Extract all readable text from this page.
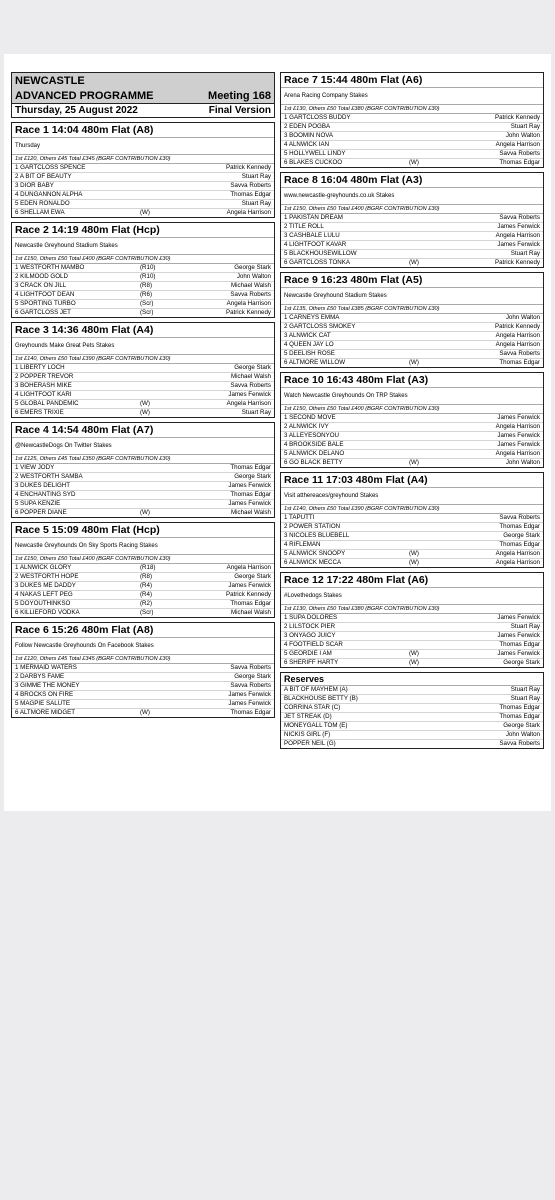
NEWCASTLE
ADVANCED PROGRAMME	Meeting 168
Thursday, 25 August 2022	Final Version
Race 1 14:04 480m Flat (A8)
Thursday
1st £120, Others £45 Total £345 (BGRF CONTRIBUTION £30)
1 GARTCLOSS SPENCE	Patrick Kennedy
2 A BIT OF BEAUTY	Stuart Ray
3 DIOR BABY	Savva Roberts
4 DUNGANNON ALPHA	Thomas Edgar
5 EDEN RONALDO	Stuart Ray
6 SHELLAM EWA	(W)	Angela Harrison
Race 2 14:19 480m Flat (Hcp)
Newcastle Greyhound Stadium Stakes
1st £150, Others £50 Total £400 (BGRF CONTRIBUTION £30)
1 WESTFORTH MAMBO	(R10)	George Stark
2 KILMOOD GOLD	(R10)	John Walton
3 CRACK ON JILL	(R8)	Michael Walsh
4 LIGHTFOOT DEAN	(R6)	Savva Roberts
5 SPORTING TURBO	(Scr)	Angela Harrison
6 GARTCLOSS JET	(Scr)	Patrick Kennedy
Race 3 14:36 480m Flat (A4)
Greyhounds Make Great Pets Stakes
1st £140, Others £50 Total £390 (BGRF CONTRIBUTION £30)
1 LIBERTY LOCH	George Stark
2 POPPER TREVOR	Michael Walsh
3 BOHERASH MIKE	Savva Roberts
4 LIGHTFOOT KARI	James Fenwick
5 GLOBAL PANDEMIC	(W)	Angela Harrison
6 EMERS TRIXIE	(W)	Stuart Ray
Race 4 14:54 480m Flat (A7)
@NewcastleDogs On Twitter Stakes
1st £125, Others £45 Total £350 (BGRF CONTRIBUTION £30)
1 VIEW JODY	Thomas Edgar
2 WESTFORTH SAMBA	George Stark
3 DUKES DELIGHT	James Fenwick
4 ENCHANTING SYD	Thomas Edgar
5 SUPA KENZIE	James Fenwick
6 POPPER DIANE	(W)	Michael Walsh
Race 5 15:09 480m Flat (Hcp)
Newcastle Greyhounds On Sky Sports Racing Stakes
1st £150, Others £50 Total £400 (BGRF CONTRIBUTION £30)
1 ALNWICK GLORY	(R18)	Angela Harrison
2 WESTFORTH HOPE	(R8)	George Stark
3 DUKES ME DADDY	(R4)	James Fenwick
4 NAKAS LEFT PEG	(R4)	Patrick Kennedy
5 DOYOUTHINKSO	(R2)	Thomas Edgar
6 KILLIEFORD VODKA	(Scr)	Michael Walsh
Race 6 15:26 480m Flat (A8)
Follow Newcastle Greyhounds On Facebook Stakes
1st £120, Others £45 Total £345 (BGRF CONTRIBUTION £30)
1 MERMAID WATERS	Savva Roberts
2 DARBYS FAME	George Stark
3 GIMME THE MONEY	Savva Roberts
4 BROCKS ON FIRE	James Fenwick
5 MAGPIE SALUTE	James Fenwick
6 ALTMORE MIDGET	(W)	Thomas Edgar
Race 7 15:44 480m Flat (A6)
Arena Racing Company Stakes
1st £130, Others £50 Total £380 (BGRF CONTRIBUTION £30)
1 GARTCLOSS BUDDY	Patrick Kennedy
2 EDEN POGBA	Stuart Ray
3 BOOMIN NOVA	John Walton
4 ALNWICK IAN	Angela Harrison
5 HOLLYWELL LINDY	Savva Roberts
6 BLAKES CUCKOO	(W)	Thomas Edgar
Race 8 16:04 480m Flat (A3)
www.newcastle-greyhounds.co.uk Stakes
1st £150, Others £50 Total £400 (BGRF CONTRIBUTION £30)
1 PAKISTAN DREAM	Savva Roberts
2 TITLE ROLL	James Fenwick
3 CASHBALE LULU	Angela Harrison
4 LIGHTFOOT KAVAR	James Fenwick
5 BLACKHOUSEWILLOW	Stuart Ray
6 GARTCLOSS TONKA	(W)	Patrick Kennedy
Race 9 16:23 480m Flat (A5)
Newcastle Greyhound Stadium Stakes
1st £135, Others £50 Total £385 (BGRF CONTRIBUTION £30)
1 CARNEYS EMMA	John Walton
2 GARTCLOSS SMOKEY	Patrick Kennedy
3 ALNWICK CAT	Angela Harrison
4 QUEEN JAY LO	Angela Harrison
5 DEELISH ROSE	Savva Roberts
6 ALTMORE WILLOW	(W)	Thomas Edgar
Race 10 16:43 480m Flat (A3)
Watch Newcastle Greyhounds On TRP Stakes
1st £150, Others £50 Total £400 (BGRF CONTRIBUTION £30)
1 SECOND MOVE	James Fenwick
2 ALNWICK IVY	Angela Harrison
3 ALLEYESONYOU	James Fenwick
4 BROOKSIDE BALE	James Fenwick
5 ALNWICK DELANO	Angela Harrison
6 GO BLACK BETTY	(W)	John Walton
Race 11 17:03 480m Flat (A4)
Visit atthereaces/greyhound Stakes
1st £140, Others £50 Total £390 (BGRF CONTRIBUTION £30)
1 TAPUTTI	Savva Roberts
2 POWER STATION	Thomas Edgar
3 NICOLES BLUEBELL	George Stark
4 RIFLEMAN	Thomas Edgar
5 ALNWICK SNOOPY	(W)	Angela Harrison
6 ALNWICK MECCA	(W)	Angela Harrison
Race 12 17:22 480m Flat (A6)
#Lovethedogs Stakes
1st £130, Others £50 Total £380 (BGRF CONTRIBUTION £30)
1 SUPA DOLORES	James Fenwick
2 LILSTOCK PIER	Stuart Ray
3 ONYAGO JUICY	James Fenwick
4 FOOTFIELD SCAR	Thomas Edgar
5 GEORDIE I AM	(W)	James Fenwick
6 SHERIFF HARTY	(W)	George Stark
Reserves
A BIT OF MAYHEM (A)	Stuart Ray
BLACKHOUSE BETTY (B)	Stuart Ray
CORRINA STAR (C)	Thomas Edgar
JET STREAK (D)	Thomas Edgar
MONEYGALL TOM (E)	George Stark
NICKIS GIRL (F)	John Walton
POPPER NEIL (G)	Savva Roberts
